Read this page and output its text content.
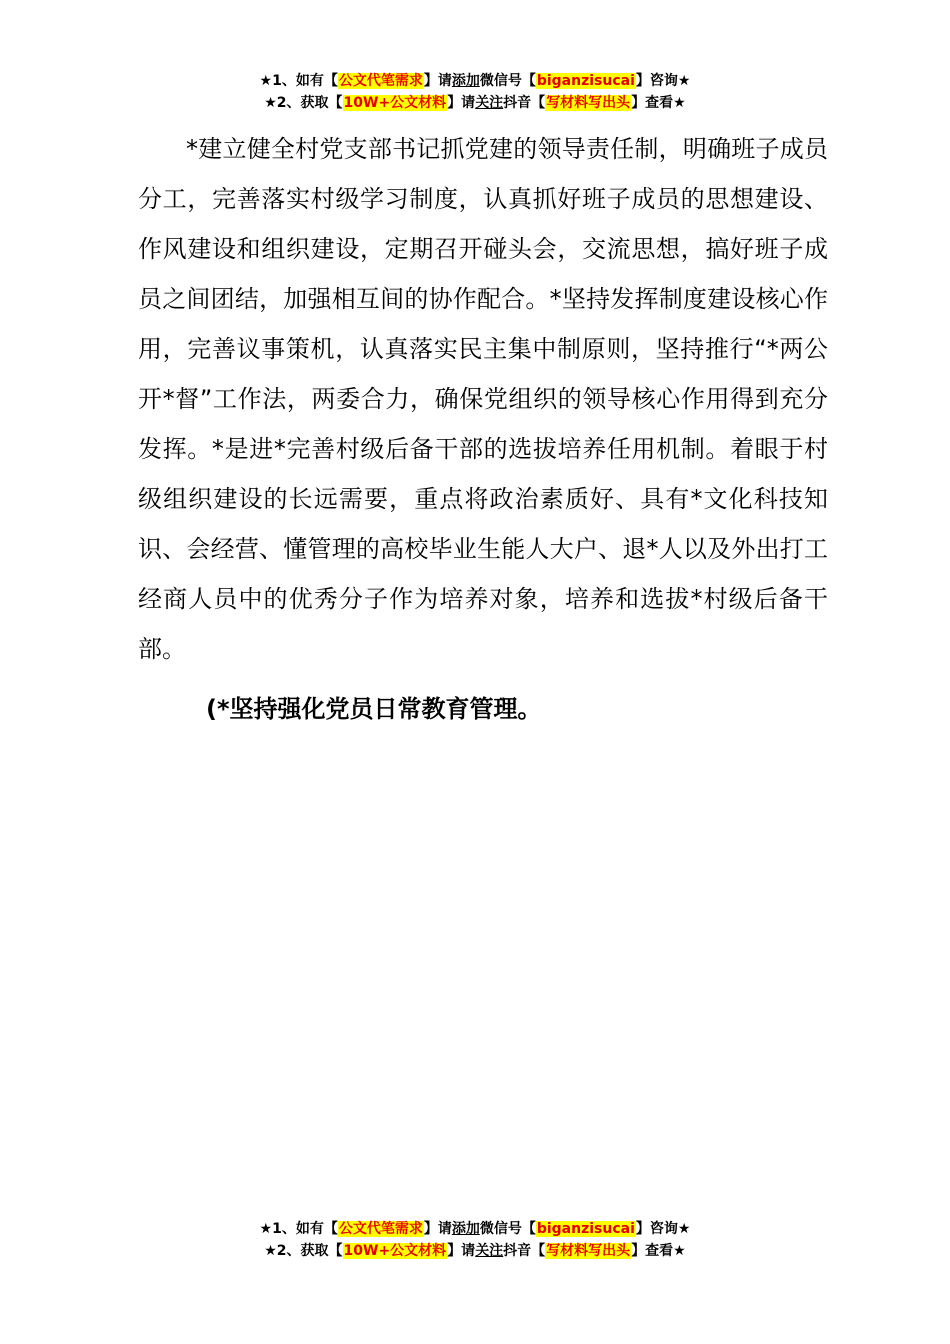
★1、如有【公文代笔需求】请添加微信号【biganzisucai】咨询★
★2、获取【10W+公文材料】请关注抖音【写材料写出头】查看★
*建立健全村党支部书记抓党建的领导责任制，明确班子成员分工，完善落实村级学习制度，认真抓好班子成员的思想建设、作风建设和组织建设，定期召开碰头会，交流思想，搞好班子成员之间团结，加强相互间的协作配合。*坚持发挥制度建设核心作用，完善议事策机，认真落实民主集中制原则，坚持推行“*两公开*督”工作法，两委合力，确保党组织的领导核心作用得到充分发挥。*是进*完善村级后备干部的选拔培养任用机制。着眼于村级组织建设的长远需要，重点将政治素质好、具有*文化科技知识、会经营、懂管理的高校毕业生能人大户、退*人以及外出打工经商人员中的优秀分子作为培养对象，培养和选拔*村级后备干部。
(*坚持强化党员日常教育管理。
★1、如有【公文代笔需求】请添加微信号【biganzisucai】咨询★
★2、获取【10W+公文材料】请关注抖音【写材料写出头】查看★
